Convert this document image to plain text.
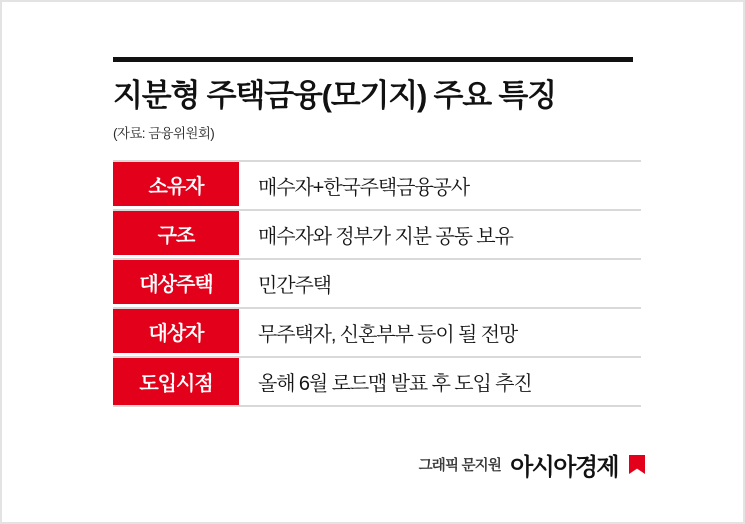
지분형 주택금융(모기지) 주요 특징
(자료: 금융위원회)
소유자	매수자+한국주택금융공사
구조	매수자와 정부가 지분 공동 보유
대상주택	민간주택
대상자	무주택자, 신혼부부 등이 될 전망
도입시점	올해 6월 로드맵 발표 후 도입 추진
그래픽 문지원 아시아경제
